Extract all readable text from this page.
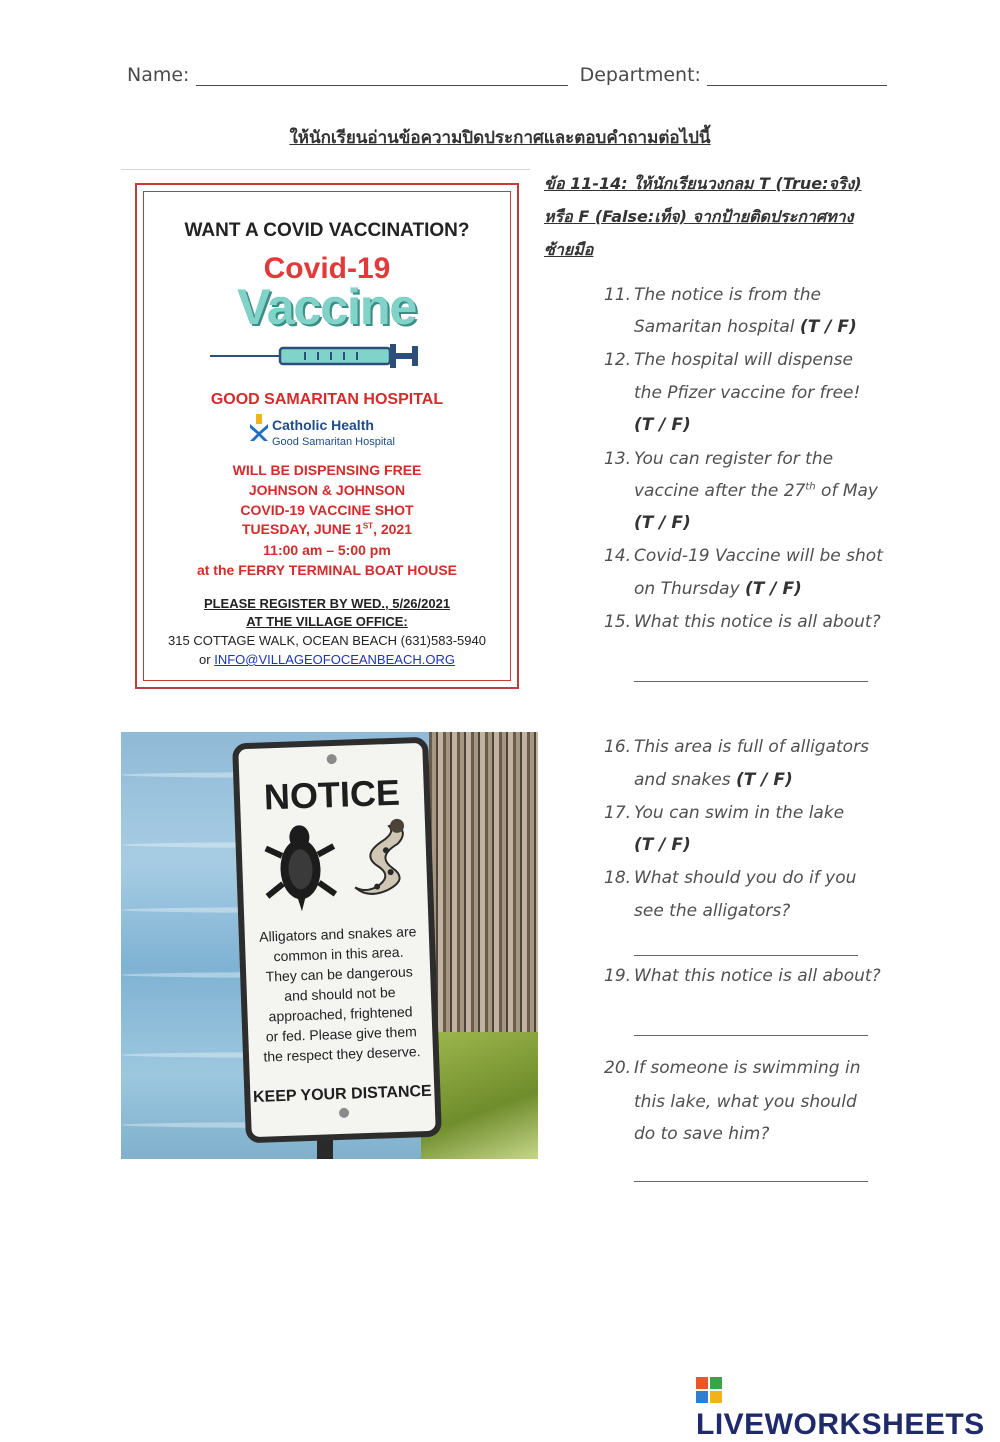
Name:	Department:
ให้นักเรียนอ่านข้อความปิดประกาศและตอบคำถามต่อไปนี้
WANT A COVID VACCINATION?
Covid-19
Vaccine
GOOD SAMARITAN HOSPITAL
Catholic Health
Good Samaritan Hospital
WILL BE DISPENSING FREE
JOHNSON & JOHNSON
COVID-19 VACCINE SHOT
TUESDAY, JUNE 1ST, 2021
11:00 am – 5:00 pm
at the FERRY TERMINAL BOAT HOUSE
PLEASE REGISTER BY WED., 5/26/2021
AT THE VILLAGE OFFICE:
315 COTTAGE WALK, OCEAN BEACH (631)583-5940
or INFO@VILLAGEOFOCEANBEACH.ORG
ข้อ 11-14: ให้นักเรียนวงกลม T (True:จริง)
หรือ F (False:เท็จ) จากป้ายติดประกาศทาง
ซ้ายมือ
11. The notice is from the
Samaritan hospital (T / F)
12. The hospital will dispense
the Pfizer vaccine for free!
(T / F)
13. You can register for the
vaccine after the 27th of May
(T / F)
14. Covid-19 Vaccine will be shot
on Thursday (T / F)
15. What this notice is all about?
NOTICE
Alligators and snakes are common in this area. They can be dangerous and should not be approached, frightened or fed. Please give them the respect they deserve.
KEEP YOUR DISTANCE
16. This area is full of alligators
and snakes (T / F)
17. You can swim in the lake
(T / F)
18. What should you do if you
see the alligators?
19. What this notice is all about?
20. If someone is swimming in
this lake, what you should
do to save him?
LIVEWORKSHEETS
